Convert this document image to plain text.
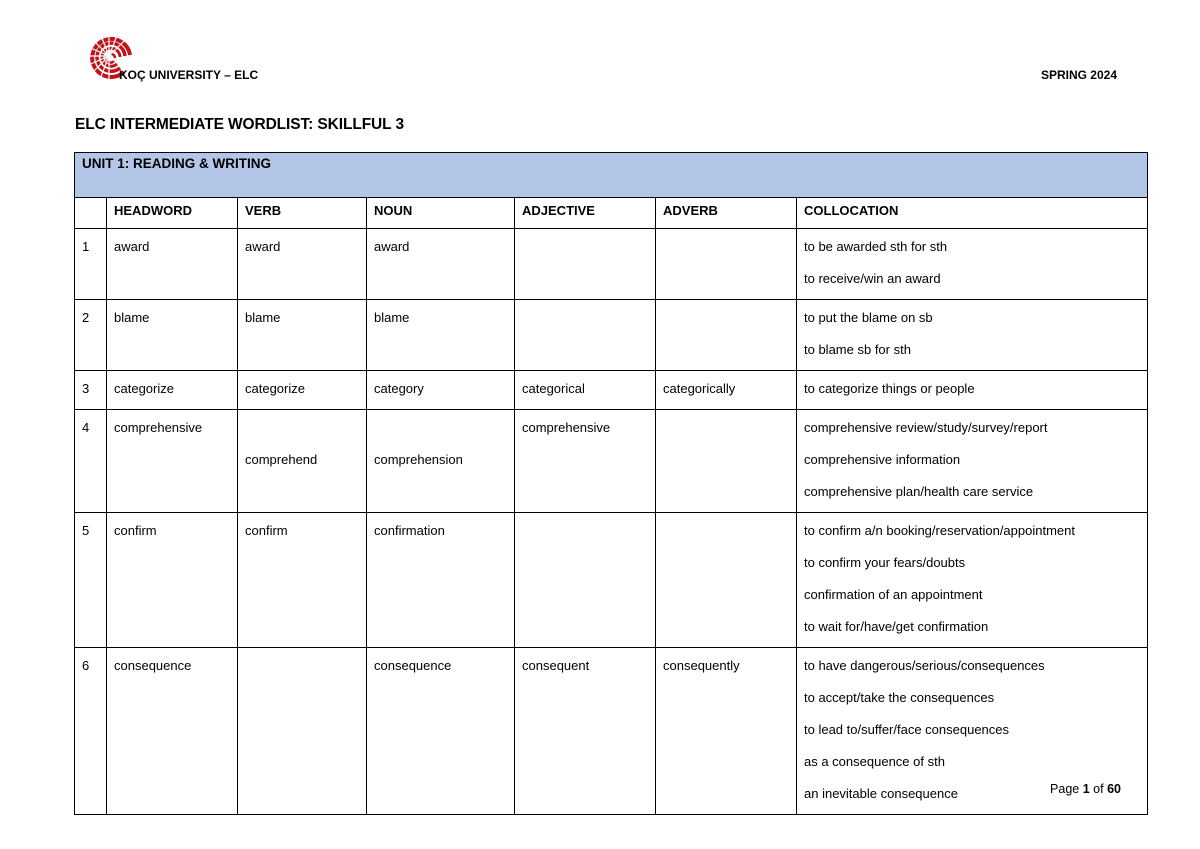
KOÇ UNIVERSITY – ELC	SPRING 2024
ELC INTERMEDIATE WORDLIST: SKILLFUL 3
UNIT 1: READING & WRITING						
	HEADWORD	VERB	NOUN	ADJECTIVE	ADVERB	COLLOCATION

1	award	award	award			to be awarded sth for sth
to receive/win an award

2	blame	blame	blame			to put the blame on sb
to blame sb for sth

3	categorize	categorize	category	categorical	categorically	to categorize things or people

4	comprehensive	comprehend	comprehension	comprehensive		comprehensive review/study/survey/report
comprehensive information
comprehensive plan/health care service

5	confirm	confirm	confirmation			to confirm a/n booking/reservation/appointment
to confirm your fears/doubts
confirmation of an appointment
to wait for/have/get confirmation

6	consequence		consequence	consequent	consequently	to have dangerous/serious/consequences
to accept/take the consequences
to lead to/suffer/face consequences
as a consequence of sth
an inevitable consequence	Page 1 of 60
